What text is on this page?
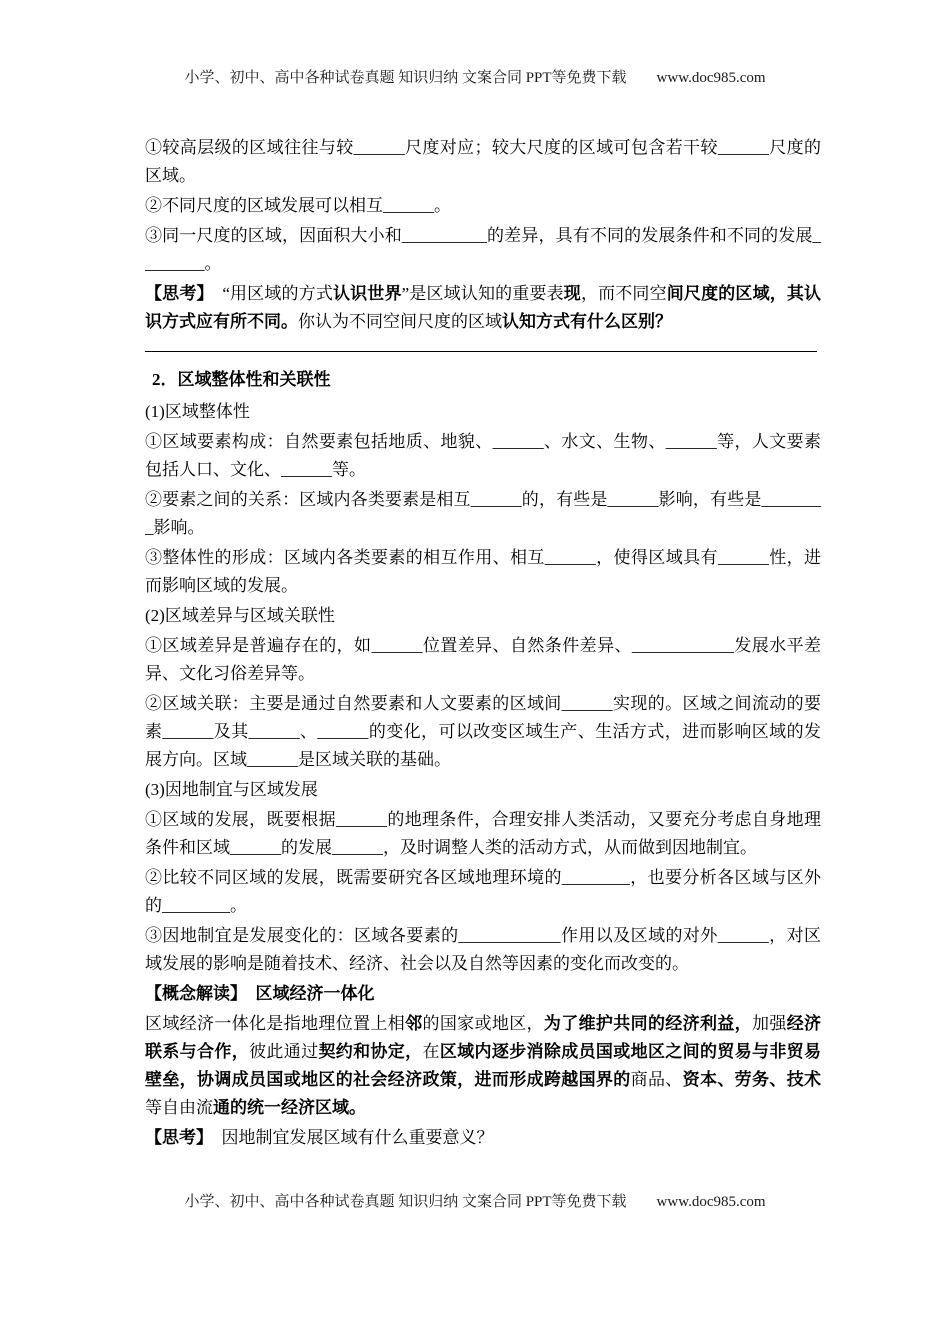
小学、初中、高中各种试卷真题 知识归纳 文案合同 PPT等免费下载 www.doc985.com

①较高层级的区域往往与较______尺度对应；较大尺度的区域可包含若干较______尺度的区域。

②不同尺度的区域发展可以相互______。

③同一尺度的区域，因面积大小和__________的差异，具有不同的发展条件和不同的发展________。

【思考】　“用区域的方式认识世界”是区域认知的重要表现，而不同空间尺度的区域，其认识方式应有所不同。你认为不同空间尺度的区域认知方式有什么区别？

2．区域整体性和关联性

(1)区域整体性

①区域要素构成：自然要素包括地质、地貌、______、水文、生物、______等，人文要素包括人口、文化、______等。

②要素之间的关系：区域内各类要素是相互______的，有些是______影响，有些是________影响。

③整体性的形成：区域内各类要素的相互作用、相互______，使得区域具有______性，进而影响区域的发展。

(2)区域差异与区域关联性

①区域差异是普遍存在的，如______位置差异、自然条件差异、____________发展水平差异、文化习俗差异等。

②区域关联：主要是通过自然要素和人文要素的区域间______实现的。区域之间流动的要素______及其______、______的变化，可以改变区域生产、生活方式，进而影响区域的发展方向。区域______是区域关联的基础。

(3)因地制宜与区域发展

①区域的发展，既要根据______的地理条件，合理安排人类活动，又要充分考虑自身地理条件和区域______的发展______，及时调整人类的活动方式，从而做到因地制宜。

②比较不同区域的发展，既需要研究各区域地理环境的________，也要分析各区域与区外的________。

③因地制宜是发展变化的：区域各要素的____________作用以及区域的对外______，对区域发展的影响是随着技术、经济、社会以及自然等因素的变化而改变的。

【概念解读】　区域经济一体化

区域经济一体化是指地理位置上相邻的国家或地区，为了维护共同的经济利益，加强经济联系与合作，彼此通过契约和协定，在区域内逐步消除成员国或地区之间的贸易与非贸易壁垒，协调成员国或地区的社会经济政策，进而形成跨越国界的商品、资本、劳务、技术等自由流通的统一经济区域。

【思考】　因地制宜发展区域有什么重要意义？

小学、初中、高中各种试卷真题 知识归纳 文案合同 PPT等免费下载 www.doc985.com
